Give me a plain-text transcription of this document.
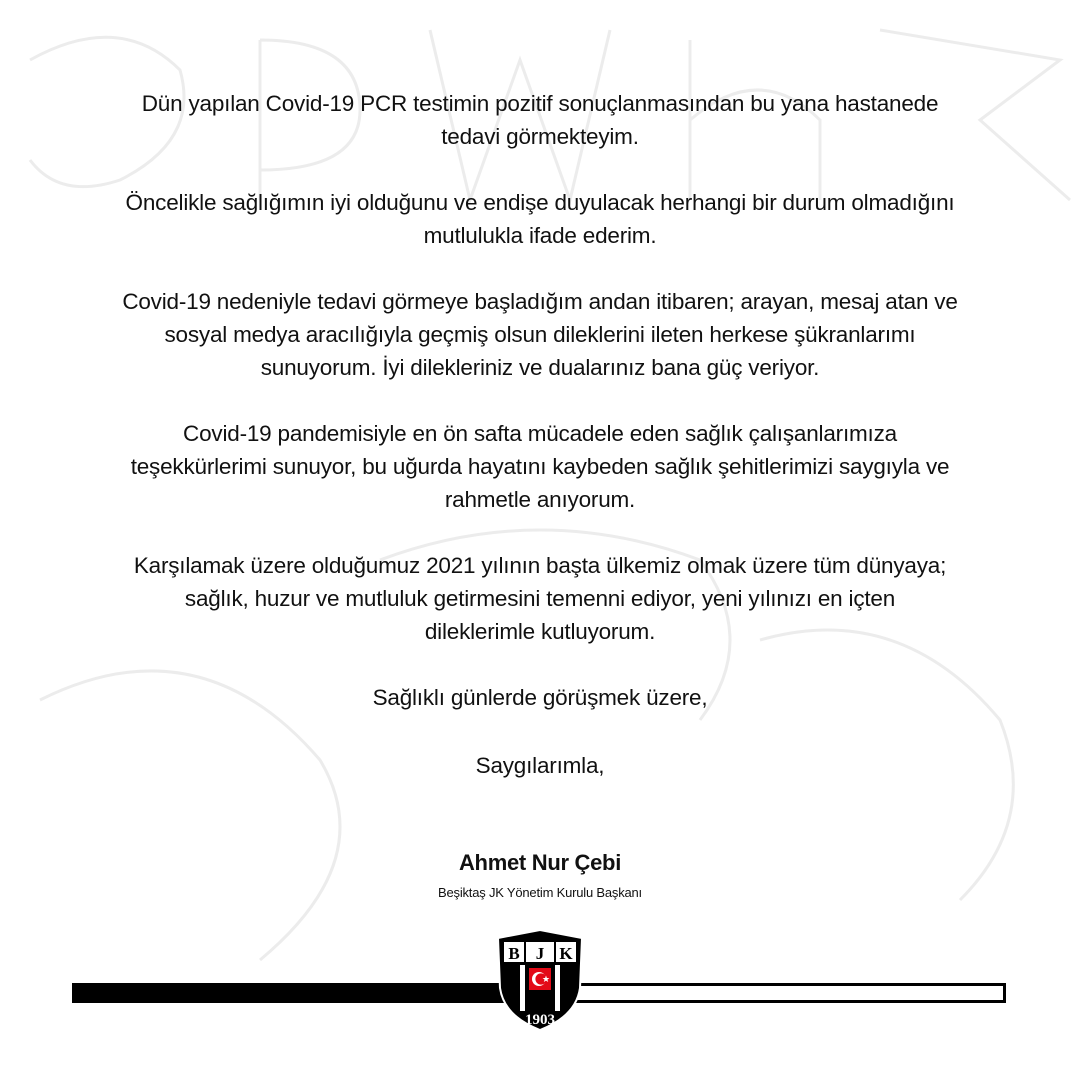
Dün yapılan Covid-19 PCR testimin pozitif sonuçlanmasından bu yana hastanede
tedavi görmekteyim.
Öncelikle sağlığımın iyi olduğunu ve endişe duyulacak herhangi bir durum olmadığını
mutlulukla ifade ederim.
Covid-19 nedeniyle tedavi görmeye başladığım andan itibaren; arayan, mesaj atan ve
sosyal medya aracılığıyla geçmiş olsun dileklerini ileten herkese şükranlarımı
sunuyorum. İyi dilekleriniz ve dualarınız bana güç veriyor.
Covid-19 pandemisiyle en ön safta mücadele eden sağlık çalışanlarımıza
teşekkürlerimi sunuyor, bu uğurda hayatını kaybeden sağlık şehitlerimizi saygıyla ve
rahmetle anıyorum.
Karşılamak üzere olduğumuz 2021 yılının başta ülkemiz olmak üzere tüm dünyaya;
sağlık, huzur ve mutluluk getirmesini temenni ediyor, yeni yılınızı en içten
dileklerimle kutluyorum.
Sağlıklı günlerde görüşmek üzere,
Saygılarımla,
Ahmet Nur Çebi
Beşiktaş JK Yönetim Kurulu Başkanı
B J K
1903
